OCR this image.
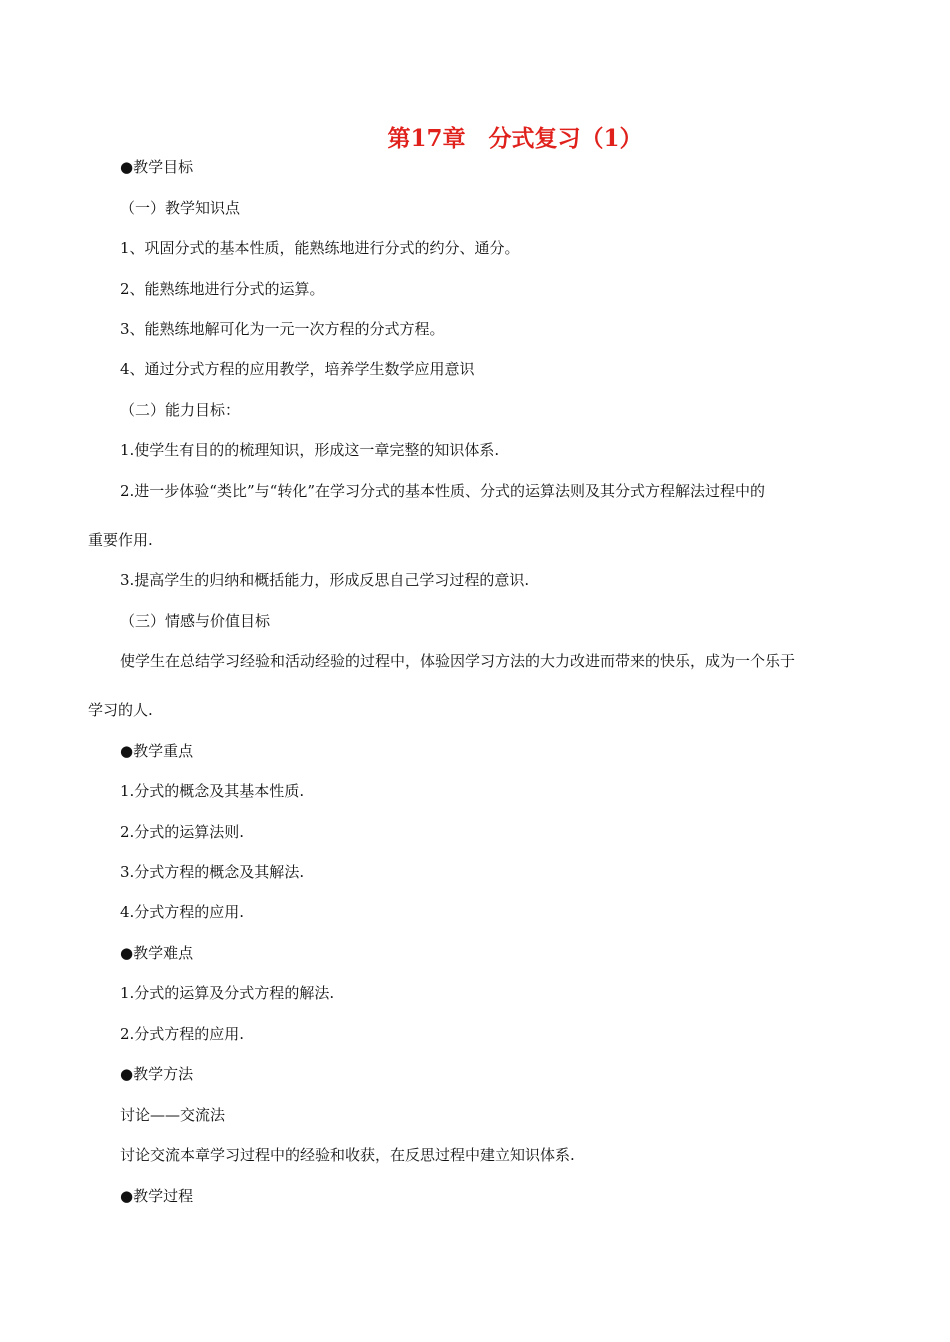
第17章　分式复习（1）
●教学目标
（一）教学知识点
1、巩固分式的基本性质，能熟练地进行分式的约分、通分。
2、能熟练地进行分式的运算。
3、能熟练地解可化为一元一次方程的分式方程。
4、通过分式方程的应用教学，培养学生数学应用意识
（二）能力目标：
1.使学生有目的的梳理知识，形成这一章完整的知识体系.
2.进一步体验“类比”与“转化”在学习分式的基本性质、分式的运算法则及其分式方程解法过程中的
重要作用.
3.提高学生的归纳和概括能力，形成反思自己学习过程的意识.
（三）情感与价值目标
使学生在总结学习经验和活动经验的过程中，体验因学习方法的大力改进而带来的快乐，成为一个乐于
学习的人.
●教学重点
1.分式的概念及其基本性质.
2.分式的运算法则.
3.分式方程的概念及其解法.
4.分式方程的应用.
●教学难点
1.分式的运算及分式方程的解法.
2.分式方程的应用.
●教学方法
讨论——交流法
讨论交流本章学习过程中的经验和收获，在反思过程中建立知识体系.
●教学过程
